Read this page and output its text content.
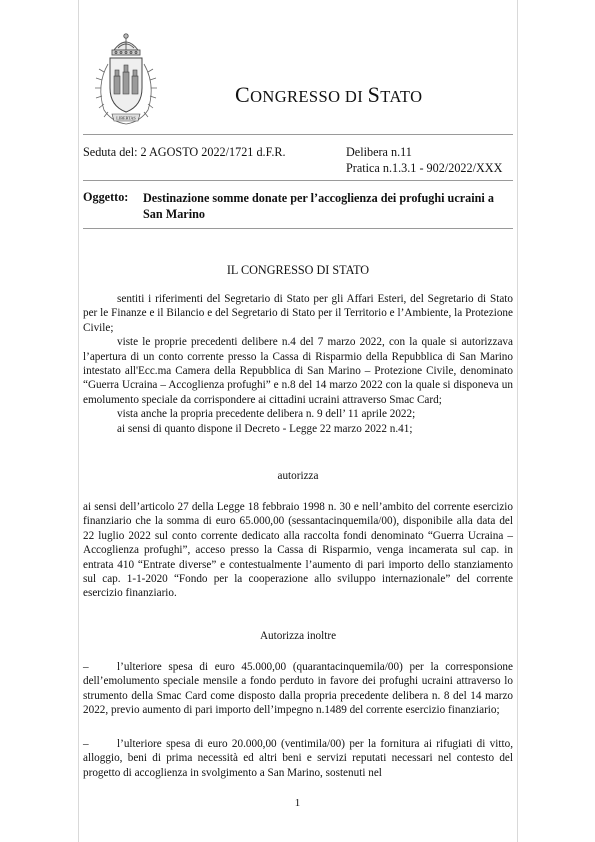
LIBERTAS
CONGRESSO DI STATO
Seduta del: 2 AGOSTO 2022/1721 d.F.R.	Delibera n.11
Pratica n.1.3.1 - 902/2022/XXX
Oggetto: Destinazione somme donate per l’accoglienza dei profughi ucraini a San Marino
IL CONGRESSO DI STATO
sentiti i riferimenti del Segretario di Stato per gli Affari Esteri, del Segretario di Stato per le Finanze e il Bilancio e del Segretario di Stato per il Territorio e l’Ambiente, la Protezione Civile;
viste le proprie precedenti delibere n.4 del 7 marzo 2022, con la quale si autorizzava l’apertura di un conto corrente presso la Cassa di Risparmio della Repubblica di San Marino intestato all'Ecc.ma Camera della Repubblica di San Marino – Protezione Civile, denominato “Guerra Ucraina – Accoglienza profughi” e n.8 del 14 marzo 2022 con la quale si disponeva un emolumento speciale da corrispondere ai cittadini ucraini attraverso Smac Card;
vista anche la propria precedente delibera n. 9 dell’ 11 aprile 2022;
ai sensi di quanto dispone il Decreto - Legge 22 marzo 2022 n.41;
autorizza
ai sensi dell’articolo 27 della Legge 18 febbraio 1998 n. 30 e nell’ambito del corrente esercizio finanziario che la somma di euro 65.000,00 (sessantacinquemila/00), disponibile alla data del 22 luglio 2022 sul conto corrente dedicato alla raccolta fondi denominato “Guerra Ucraina – Accoglienza profughi”, acceso presso la Cassa di Risparmio, venga incamerata sul cap. in entrata 410 “Entrate diverse” e contestualmente l’aumento di pari importo dello stanziamento sul cap. 1-1-2020 “Fondo per la cooperazione allo sviluppo internazionale” del corrente esercizio finanziario.
Autorizza inoltre
–	l’ulteriore spesa di euro 45.000,00 (quarantacinquemila/00) per la corresponsione dell’emolumento speciale mensile a fondo perduto in favore dei profughi ucraini attraverso lo strumento della Smac Card come disposto dalla propria precedente delibera n. 8 del 14 marzo 2022, previo aumento di pari importo dell’impegno n.1489 del corrente esercizio finanziario;
–	l’ulteriore spesa di euro 20.000,00 (ventimila/00) per la fornitura ai rifugiati di vitto, alloggio, beni di prima necessità ed altri beni e servizi reputati necessari nel contesto del progetto di accoglienza in svolgimento a San Marino, sostenuti nel
1
